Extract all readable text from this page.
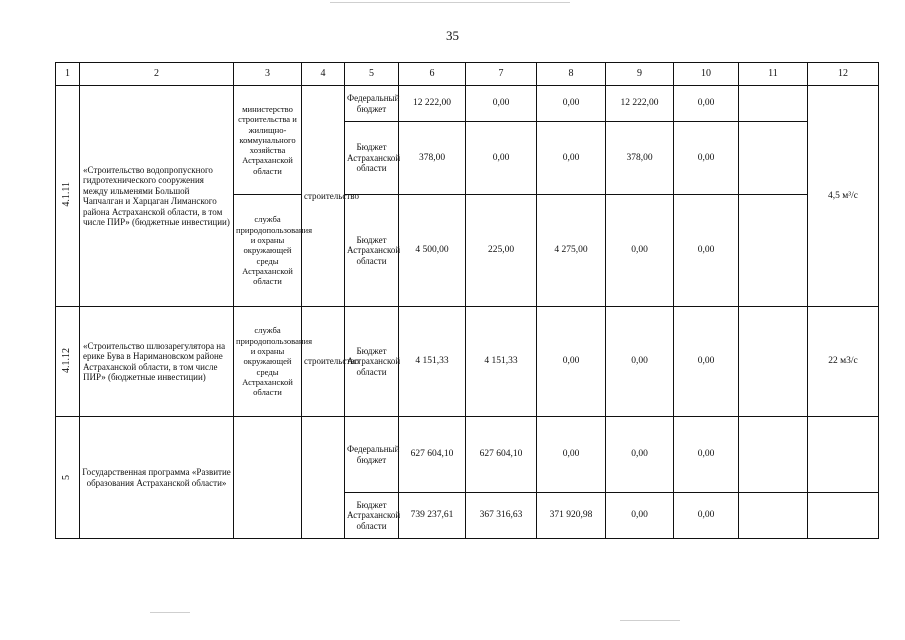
35
1	2	3	4	5	6	7	8	9	10	11	12
4.1.11	«Строительство водопропускного гидротехнического сооружения между ильменями Большой Чапчалган и Харцаган Лиманского района Астраханской области, в том числе ПИР» (бюджетные инвестиции)	министерство строительства и жилищно-коммунального хозяйства Астраханской области	строительство	Федеральный бюджет	12 222,00	0,00	0,00	12 222,00	0,00		4,5 м³/с
				Бюджет Астраханской области	378,00	0,00	0,00	378,00	0,00		
		служба природопользования и охраны окружающей среды Астраханской области		Бюджет Астраханской области	4 500,00	225,00	4 275,00	0,00	0,00		
4.1.12	«Строительство шлюзарегулятора на ерике Бува в Наримановском районе Астраханской области, в том числе ПИР» (бюджетные инвестиции)	служба природопользования и охраны окружающей среды Астраханской области	строительство	Бюджет Астраханской области	4 151,33	4 151,33	0,00	0,00	0,00		22 м3/с
5	Государственная программа «Развитие образования Астраханской области»			Федеральный бюджет	627 604,10	627 604,10	0,00	0,00	0,00		
				Бюджет Астраханской области	739 237,61	367 316,63	371 920,98	0,00	0,00		
